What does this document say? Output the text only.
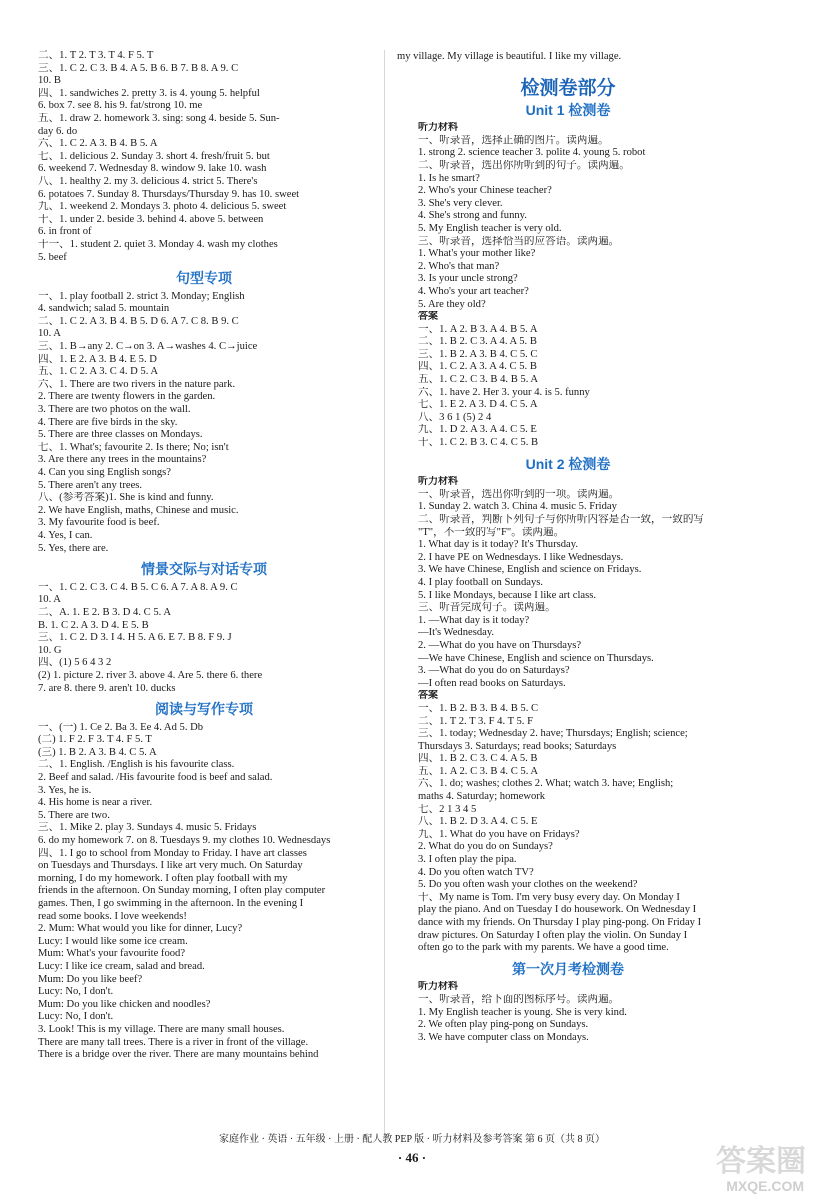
my village. My village is beautiful. I like my village.
二、1. T 2. T 3. T 4. F 5. T
三、1. C 2. C 3. B 4. A 5. B 6. B 7. B 8. A 9. C
10. B
四、1. sandwiches 2. pretty 3. is 4. young 5. helpful
6. box 7. see 8. his 9. fat/strong 10. me
五、1. draw 2. homework 3. sing: song 4. beside 5. Sun-
day 6. do
六、1. C 2. A 3. B 4. B 5. A
七、1. delicious 2. Sunday 3. short 4. fresh/fruit 5. but
6. weekend 7. Wednesday 8. window 9. lake 10. wash
八、1. healthy 2. my 3. delicious 4. strict 5. There's
6. potatoes 7. Sunday 8. Thursdays/Thursday 9. has 10. sweet
九、1. weekend 2. Mondays 3. photo 4. delicious 5. sweet
十、1. under 2. beside 3. behind 4. above 5. between
6. in front of
十一、1. student 2. quiet 3. Monday 4. wash my clothes
5. beef
句型专项
一、1. play football 2. strict 3. Monday; English
4. sandwich; salad 5. mountain
二、1. C 2. A 3. B 4. B 5. D 6. A 7. C 8. B 9. C
10. A
三、1. B→any 2. C→on 3. A→washes 4. C→juice
四、1. E 2. A 3. B 4. E 5. D
五、1. C 2. A 3. C 4. D 5. A
六、1. There are two rivers in the nature park.
2. There are twenty flowers in the garden.
3. There are two photos on the wall.
4. There are five birds in the sky.
5. There are three classes on Mondays.
七、1. What's; favourite 2. Is there; No; isn't
3. Are there any trees in the mountains?
4. Can you sing English songs?
5. There aren't any trees.
八、(参考答案)1. She is kind and funny.
2. We have English, maths, Chinese and music.
3. My favourite food is beef.
4. Yes, I can.
5. Yes, there are.
情景交际与对话专项
一、1. C 2. C 3. C 4. B 5. C 6. A 7. A 8. A 9. C
10. A
二、A. 1. E 2. B 3. D 4. C 5. A
B. 1. C 2. A 3. D 4. E 5. B
三、1. C 2. D 3. I 4. H 5. A 6. E 7. B 8. F 9. J
10. G
四、(1) 5 6 4 3 2
(2) 1. picture 2. river 3. above 4. Are 5. there 6. there
7. are 8. there 9. aren't 10. ducks
阅读与写作专项
一、(一) 1. Ce 2. Ba 3. Ee 4. Ad 5. Db
(二) 1. F 2. F 3. T 4. F 5. T
(三) 1. B 2. A 3. B 4. C 5. A
二、1. English. /English is his favourite class.
2. Beef and salad. /His favourite food is beef and salad.
3. Yes, he is.
4. His home is near a river.
5. There are two.
三、1. Mike 2. play 3. Sundays 4. music 5. Fridays
6. do my homework 7. on 8. Tuesdays 9. my clothes 10. Wednesdays
四、1. I go to school from Monday to Friday. I have art classes
on Tuesdays and Thursdays. I like art very much. On Saturday
morning, I do my homework. I often play football with my
friends in the afternoon. On Sunday morning, I often play computer
games. Then, I go swimming in the afternoon. In the evening I
read some books. I love weekends!
2. Mum: What would you like for dinner, Lucy?
Lucy: I would like some ice cream.
Mum: What's your favourite food?
Lucy: I like ice cream, salad and bread.
Mum: Do you like beef?
Lucy: No, I don't.
Mum: Do you like chicken and noodles?
Lucy: No, I don't.
3. Look! This is my village. There are many small houses.
There are many tall trees. There is a river in front of the village.
There is a bridge over the river. There are many mountains behind
检测卷部分
Unit 1 检测卷
听力材料
一、听录音，选择正确的图片。读两遍。
1. strong 2. science teacher 3. polite 4. young 5. robot
二、听录音，选出你所听到的句子。读两遍。
1. Is he smart?
2. Who's your Chinese teacher?
3. She's very clever.
4. She's strong and funny.
5. My English teacher is very old.
三、听录音，选择恰当的应答语。读两遍。
1. What's your mother like?
2. Who's that man?
3. Is your uncle strong?
4. Who's your art teacher?
5. Are they old?
答案
一、1. A 2. B 3. A 4. B 5. A
二、1. B 2. C 3. A 4. A 5. B
三、1. B 2. A 3. B 4. C 5. C
四、1. C 2. A 3. A 4. C 5. B
五、1. C 2. C 3. B 4. B 5. A
六、1. have 2. Her 3. your 4. is 5. funny
七、1. E 2. A 3. D 4. C 5. A
八、3 6 1 (5) 2 4
九、1. D 2. A 3. A 4. C 5. E
十、1. C 2. B 3. C 4. C 5. B
Unit 2 检测卷
听力材料
一、听录音，选出你听到的一项。读两遍。
1. Sunday 2. watch 3. China 4. music 5. Friday
二、听录音，判断下列句子与你所听内容是否一致，一致的写
"T"，不一致的写"F"。读两遍。
1. What day is it today? It's Thursday.
2. I have PE on Wednesdays. I like Wednesdays.
3. We have Chinese, English and science on Fridays.
4. I play football on Sundays.
5. I like Mondays, because I like art class.
三、听音完成句子。读两遍。
1. —What day is it today?
—It's Wednesday.
2. —What do you have on Thursdays?
—We have Chinese, English and science on Thursdays.
3. —What do you do on Saturdays?
—I often read books on Saturdays.
答案
一、1. B 2. B 3. B 4. B 5. C
二、1. T 2. T 3. F 4. T 5. F
三、1. today; Wednesday 2. have; Thursdays; English; science;
Thursdays 3. Saturdays; read books; Saturdays
四、1. B 2. C 3. C 4. A 5. B
五、1. A 2. C 3. B 4. C 5. A
六、1. do; washes; clothes 2. What; watch 3. have; English;
maths 4. Saturday; homework
七、2 1 3 4 5
八、1. B 2. D 3. A 4. C 5. E
九、1. What do you have on Fridays?
2. What do you do on Sundays?
3. I often play the pipa.
4. Do you often watch TV?
5. Do you often wash your clothes on the weekend?
十、My name is Tom. I'm very busy every day. On Monday I
play the piano. And on Tuesday I do housework. On Wednesday I
dance with my friends. On Thursday I play ping-pong. On Friday I
draw pictures. On Saturday I often play the violin. On Sunday I
often go to the park with my parents. We have a good time.
第一次月考检测卷
听力材料
一、听录音，给下面的图标序号。读两遍。
1. My English teacher is young. She is very kind.
2. We often play ping-pong on Sundays.
3. We have computer class on Mondays.
家庭作业 · 英语 · 五年级 · 上册 · 配人教 PEP 版 · 听力材料及参考答案 第 6 页（共 8 页）
· 46 ·	答案圈
MXQE.COM
